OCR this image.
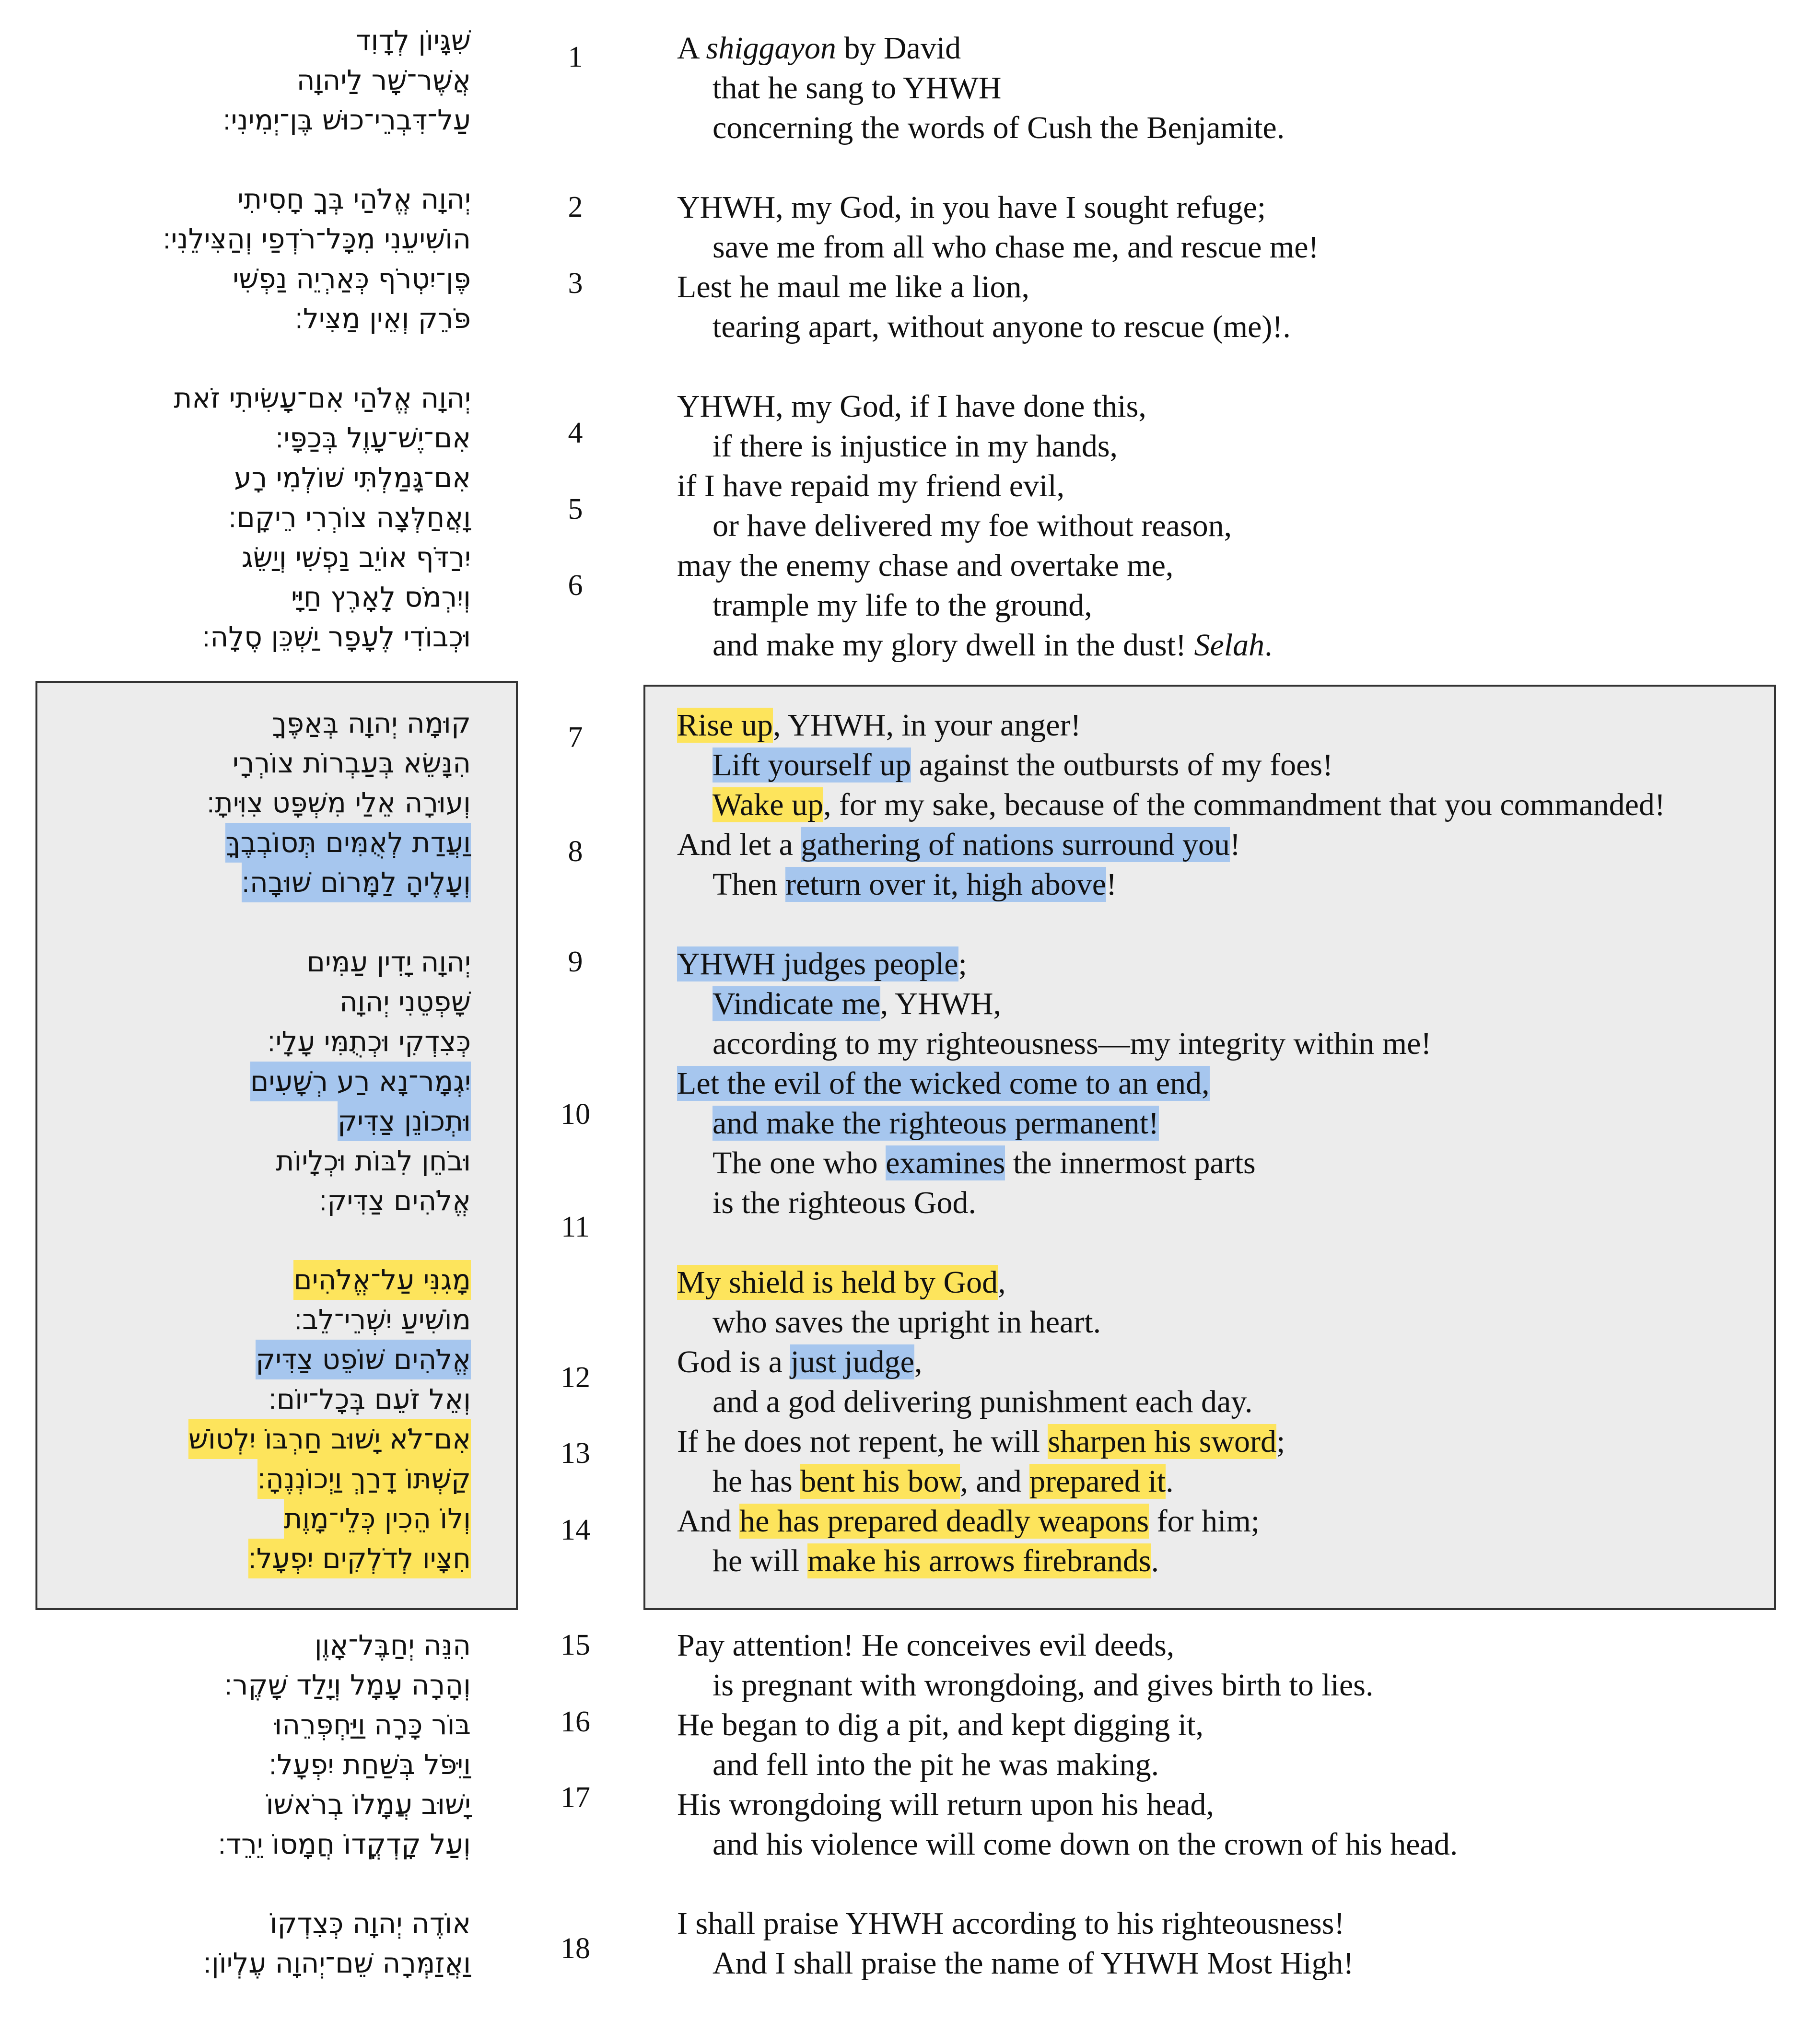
שִׁגָּיוֹן לְדָוִד
אֲשֶׁר־שָׁר לַיהוָה
עַל־דִּבְרֵי־כוּשׁ בֶּן־יְמִינִי׃
יְהוָה אֱלֹהַי בְּךָ חָסִיתִי
הוֹשִׁיעֵנִי מִכָּל־רֹדְפַי וְהַצִּילֵנִי׃
פֶּן־יִטְרֹף כְּאַרְיֵה נַפְשִׁי
פֹּרֵק וְאֵין מַצִּיל׃
יְהוָה אֱלֹהַי אִם־עָשִׂיתִי זֹאת
אִם־יֶשׁ־עָוֶל בְּכַפָּי׃
אִם־גָּמַלְתִּי שׁוֹלְמִי רָע
וָאֲחַלְּצָה צוֹרְרִי רֵיקָם׃
יִרַדֹּף אוֹיֵב נַפְשִׁי וְיַשֵּׂג
וְיִרְמֹס לָאָרֶץ חַיָּי
וּכְבוֹדִי לֶעָפָר יַשְׁכֵּן סֶלָה׃
קוּמָה יְהוָה בְּאַפֶּךָ
הִנָּשֵׂא בְּעַבְרוֹת צוֹרְרָי
וְעוּרָה אֵלַי מִשְׁפָּט צִוִּיתָ׃
וַעֲדַת לְאֻמִּים תְּסוֹבְבֶךָּ
וְעָלֶיהָ לַמָּרוֹם שׁוּבָה׃
יְהוָה יָדִין עַמִּים
שָׁפְטֵנִי יְהוָה
כְּצִדְקִי וּכְתֻמִּי עָלָי׃
יִגְמָר־נָא רַע רְשָׁעִים
וּתְכוֹנֵן צַדִּיק
וּבֹחֵן לִבּוֹת וּכְלָיוֹת
אֱלֹהִים צַדִּיק׃
מָגִנִּי עַל־אֱלֹהִים
מוֹשִׁיעַ יִשְׁרֵי־לֵב׃
אֱלֹהִים שׁוֹפֵט צַדִּיק
וְאֵל זֹעֵם בְּכָל־יוֹם׃
אִם־לֹא יָשׁוּב חַרְבּוֹ יִלְטוֹשׁ
קַשְׁתּוֹ דָרַךְ וַיְכוֹנְנֶהָ׃
וְלוֹ הֵכִין כְּלֵי־מָוֶת
חִצָּיו לְדֹלְקִים יִפְעָל׃
הִנֵּה יְחַבֶּל־אָוֶן
וְהָרָה עָמָל וְיָלַד שָׁקֶר׃
בּוֹר כָּרָה וַיַּחְפְּרֵהוּ
וַיִּפֹּל בְּשַׁחַת יִפְעָל׃
יָשׁוּב עֲמָלוֹ בְרֹאשׁוֹ
וְעַל קָדְקֳדוֹ חֲמָסוֹ יֵרֵד׃
אוֹדֶה יְהוָה כְּצִדְקוֹ
וַאֲזַמְּרָה שֵׁם־יְהוָה עֶלְיוֹן׃
1
2
3
4
5
6
7
8
9
10
11
12
13
14
15
16
17
18
A shiggayon by David
that he sang to YHWH
concerning the words of Cush the Benjamite.
YHWH, my God, in you have I sought refuge;
save me from all who chase me, and rescue me!
Lest he maul me like a lion,
tearing apart, without anyone to rescue (me)!.
YHWH, my God, if I have done this,
if there is injustice in my hands,
if I have repaid my friend evil,
or have delivered my foe without reason,
may the enemy chase and overtake me,
trample my life to the ground,
and make my glory dwell in the dust! Selah.
Rise up, YHWH, in your anger!
Lift yourself up against the outbursts of my foes!
Wake up, for my sake, because of the commandment that you commanded!
And let a gathering of nations surround you!
Then return over it, high above!
YHWH judges people;
Vindicate me, YHWH,
according to my righteousness—my integrity within me!
Let the evil of the wicked come to an end,
and make the righteous permanent!
The one who examines the innermost parts
is the righteous God.
My shield is held by God,
who saves the upright in heart.
God is a just judge,
and a god delivering punishment each day.
If he does not repent, he will sharpen his sword;
he has bent his bow, and prepared it.
And he has prepared deadly weapons for him;
he will make his arrows firebrands.
Pay attention! He conceives evil deeds,
is pregnant with wrongdoing, and gives birth to lies.
He began to dig a pit, and kept digging it,
and fell into the pit he was making.
His wrongdoing will return upon his head,
and his violence will come down on the crown of his head.
I shall praise YHWH according to his righteousness!
And I shall praise the name of YHWH Most High!
